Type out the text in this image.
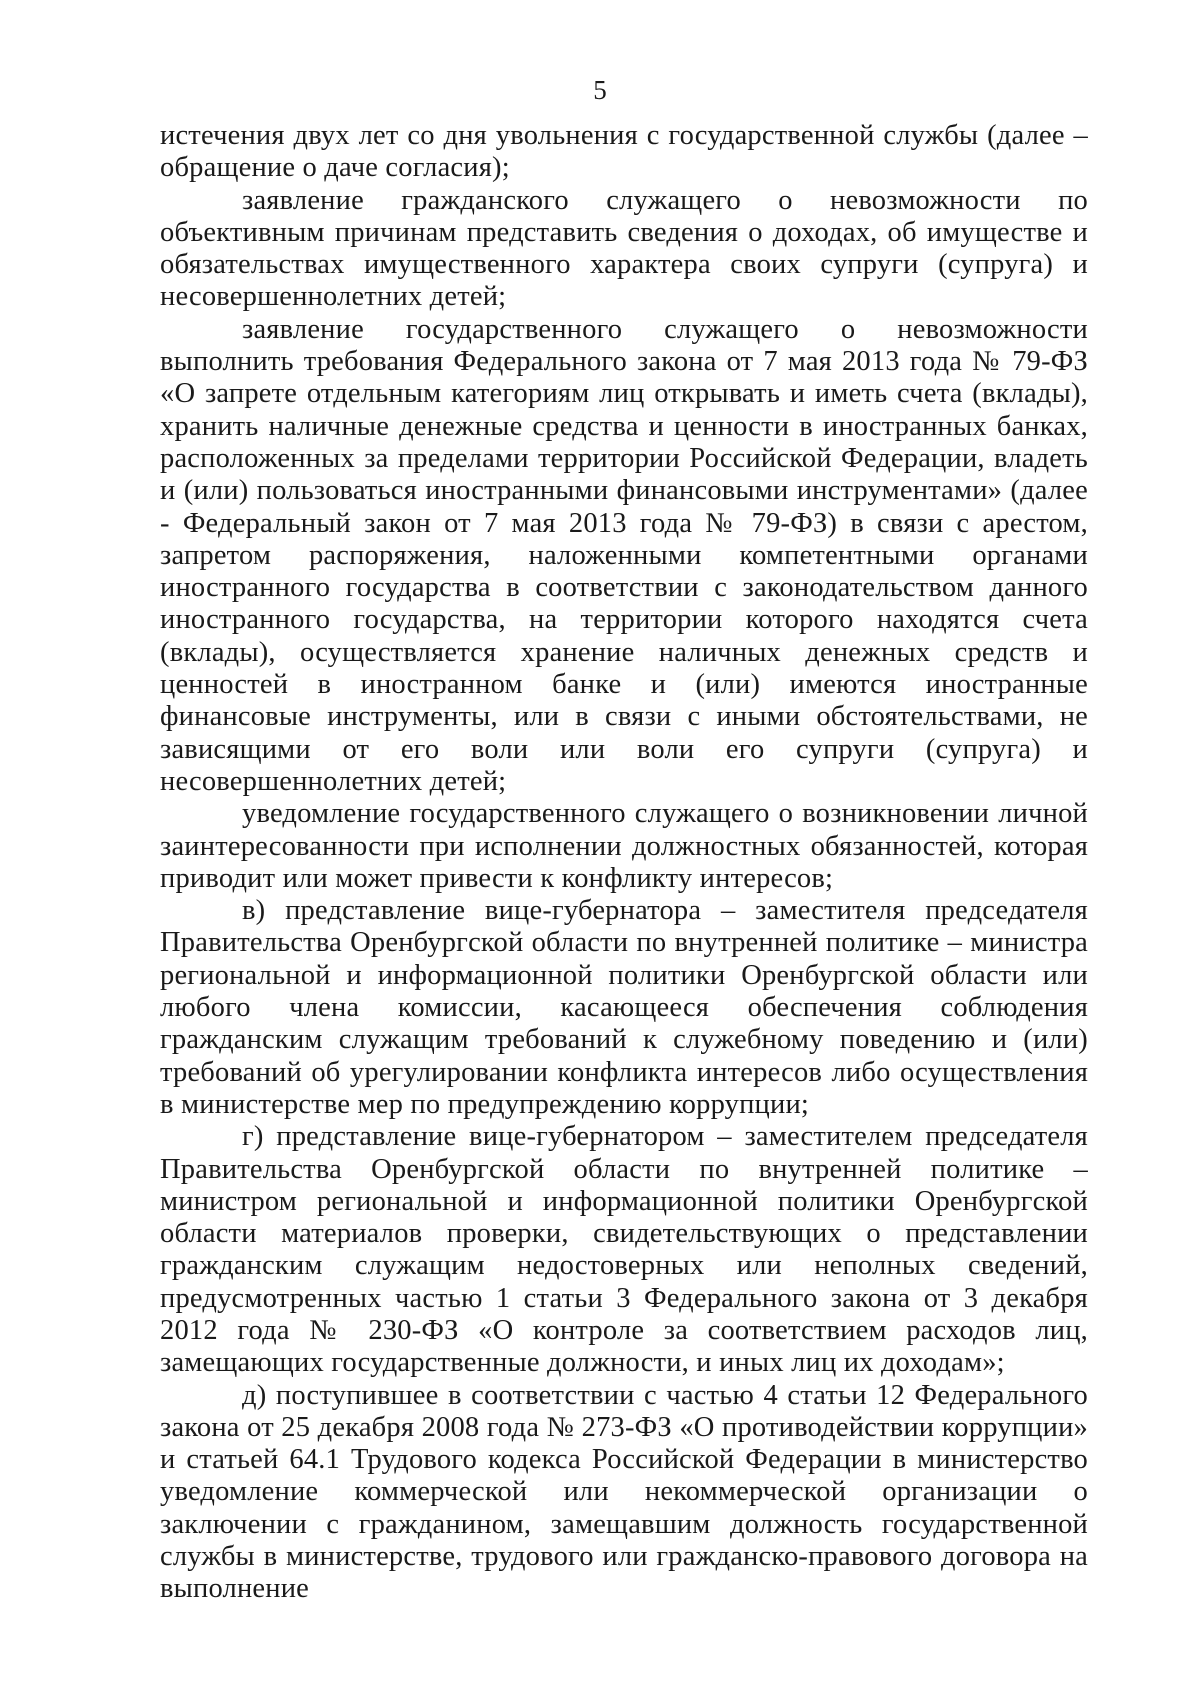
5

истечения двух лет со дня увольнения с государственной службы (далее – обращение о даче согласия);

заявление гражданского служащего о невозможности по объективным причинам представить сведения о доходах, об имуществе и обязательствах имущественного характера своих супруги (супруга) и несовершеннолетних детей;

заявление государственного служащего о невозможности выполнить требования Федерального закона от 7 мая 2013 года № 79-ФЗ «О запрете отдельным категориям лиц открывать и иметь счета (вклады), хранить наличные денежные средства и ценности в иностранных банках, расположенных за пределами территории Российской Федерации, владеть и (или) пользоваться иностранными финансовыми инструментами» (далее - Федеральный закон от 7 мая 2013 года № 79-ФЗ) в связи с арестом, запретом распоряжения, наложенными компетентными органами иностранного государства в соответствии с законодательством данного иностранного государства, на территории которого находятся счета (вклады), осуществляется хранение наличных денежных средств и ценностей в иностранном банке и (или) имеются иностранные финансовые инструменты, или в связи с иными обстоятельствами, не зависящими от его воли или воли его супруги (супруга) и несовершеннолетних детей;

уведомление государственного служащего о возникновении личной заинтересованности при исполнении должностных обязанностей, которая приводит или может привести к конфликту интересов;

в) представление вице-губернатора – заместителя председателя Правительства Оренбургской области по внутренней политике – министра региональной и информационной политики Оренбургской области или любого члена комиссии, касающееся обеспечения соблюдения гражданским служащим требований к служебному поведению и (или) требований об урегулировании конфликта интересов либо осуществления в министерстве мер по предупреждению коррупции;

г) представление вице-губернатором – заместителем председателя Правительства Оренбургской области по внутренней политике – министром региональной и информационной политики Оренбургской области материалов проверки, свидетельствующих о представлении гражданским служащим недостоверных или неполных сведений, предусмотренных частью 1 статьи 3 Федерального закона от 3 декабря 2012 года № 230-ФЗ «О контроле за соответствием расходов лиц, замещающих государственные должности, и иных лиц их доходам»;

д) поступившее в соответствии с частью 4 статьи 12 Федерального закона от 25 декабря 2008 года № 273-ФЗ «О противодействии коррупции» и статьей 64.1 Трудового кодекса Российской Федерации в министерство уведомление коммерческой или некоммерческой организации о заключении с гражданином, замещавшим должность государственной службы в министерстве, трудового или гражданско-правового договора на выполнение
